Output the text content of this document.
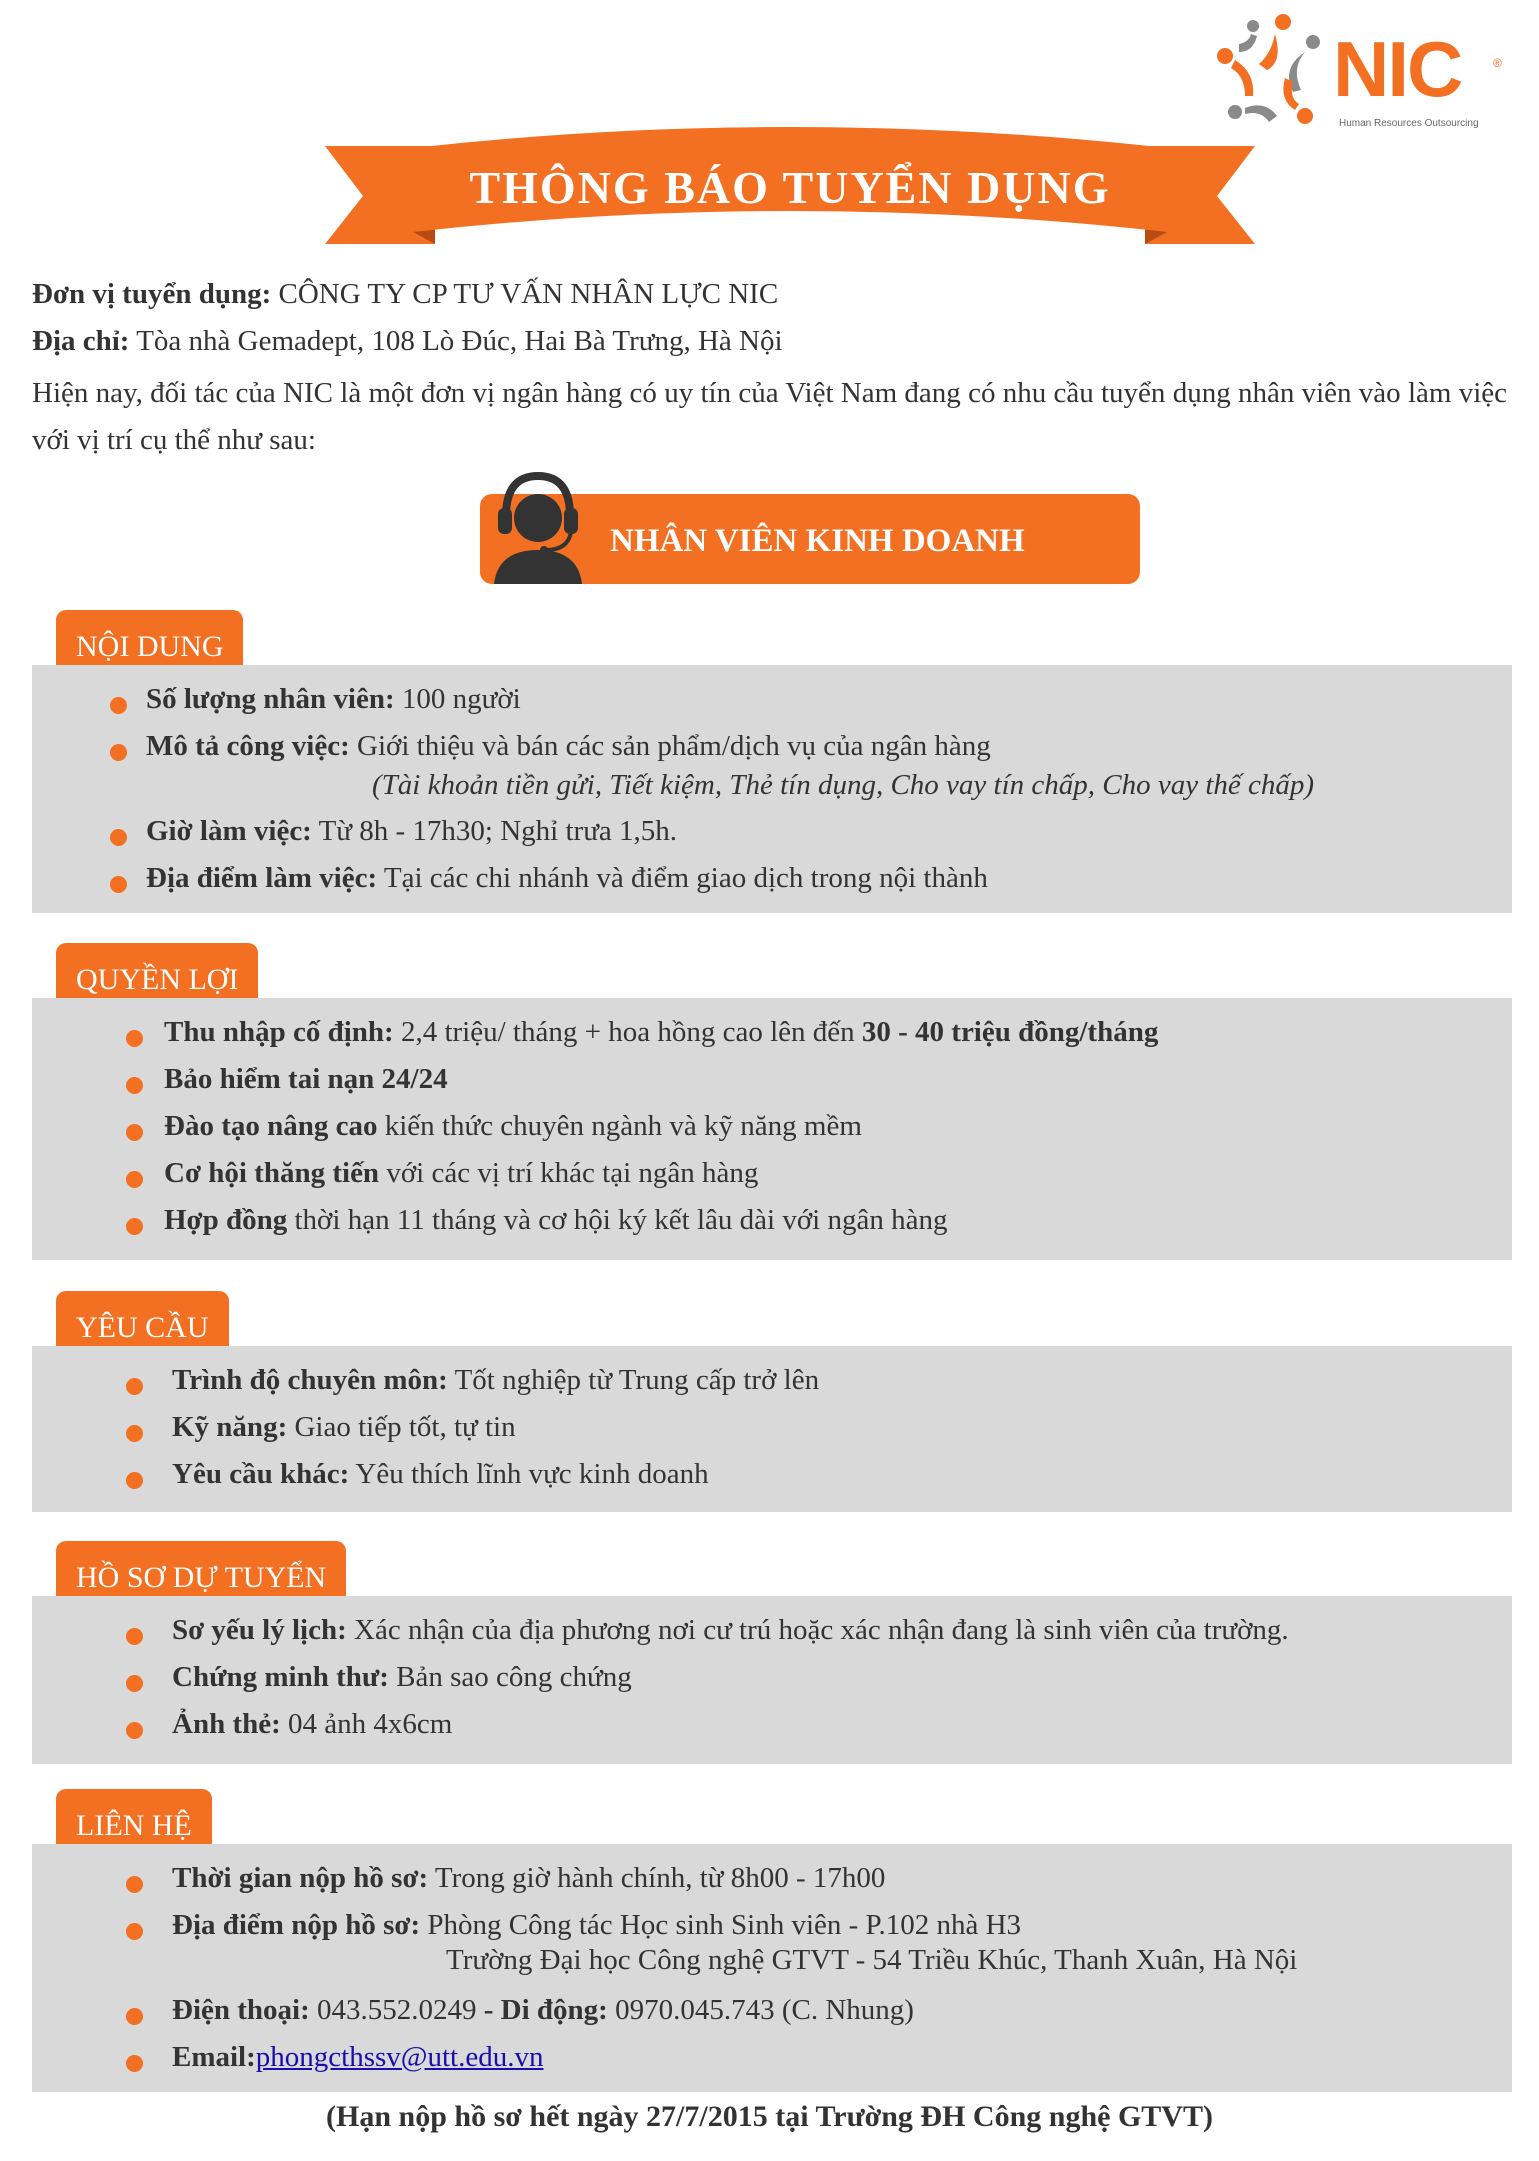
NIC	®
Human Resources Outsourcing
THÔNG BÁO TUYỂN DỤNG
Đơn vị tuyển dụng: CÔNG TY CP TƯ VẤN NHÂN LỰC NIC
Địa chỉ: Tòa nhà Gemadept, 108 Lò Đúc, Hai Bà Trưng, Hà Nội
Hiện nay, đối tác của NIC là một đơn vị ngân hàng có uy tín của Việt Nam đang có nhu cầu tuyển dụng nhân viên vào làm việc với vị trí cụ thể như sau:
NHÂN VIÊN KINH DOANH
NỘI DUNG
Số lượng nhân viên: 100 người
Mô tả công việc: Giới thiệu và bán các sản phẩm/dịch vụ của ngân hàng
(Tài khoản tiền gửi, Tiết kiệm, Thẻ tín dụng, Cho vay tín chấp, Cho vay thế chấp)
Giờ làm việc: Từ 8h - 17h30; Nghỉ trưa 1,5h.
Địa điểm làm việc: Tại các chi nhánh và điểm giao dịch trong nội thành
QUYỀN LỢI
Thu nhập cố định: 2,4 triệu/ tháng + hoa hồng cao lên đến 30 - 40 triệu đồng/tháng
Bảo hiểm tai nạn 24/24
Đào tạo nâng cao kiến thức chuyên ngành và kỹ năng mềm
Cơ hội thăng tiến với các vị trí khác tại ngân hàng
Hợp đồng thời hạn 11 tháng và cơ hội ký kết lâu dài với ngân hàng
YÊU CẦU
Trình độ chuyên môn: Tốt nghiệp từ Trung cấp trở lên
Kỹ năng: Giao tiếp tốt, tự tin
Yêu cầu khác: Yêu thích lĩnh vực kinh doanh
HỒ SƠ DỰ TUYỂN
Sơ yếu lý lịch: Xác nhận của địa phương nơi cư trú hoặc xác nhận đang là sinh viên của trường.
Chứng minh thư: Bản sao công chứng
Ảnh thẻ: 04 ảnh 4x6cm
LIÊN HỆ
Thời gian nộp hồ sơ: Trong giờ hành chính, từ 8h00 - 17h00
Địa điểm nộp hồ sơ: Phòng Công tác Học sinh Sinh viên - P.102 nhà H3
Trường Đại học Công nghệ GTVT - 54 Triều Khúc, Thanh Xuân, Hà Nội
Điện thoại: 043.552.0249 - Di động: 0970.045.743 (C. Nhung)
Email:phongcthssv@utt.edu.vn
(Hạn nộp hồ sơ hết ngày 27/7/2015 tại Trường ĐH Công nghệ GTVT)
